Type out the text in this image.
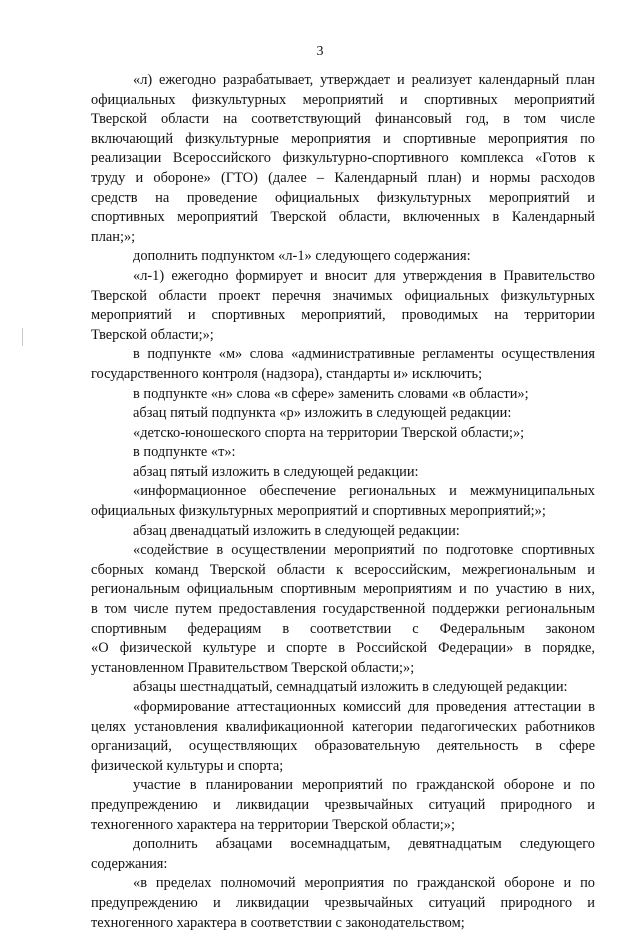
3

«л) ежегодно разрабатывает, утверждает и реализует календарный план

официальных физкультурных мероприятий и спортивных мероприятий

Тверской области на соответствующий финансовый год, в том числе

включающий физкультурные мероприятия и спортивные мероприятия по

реализации Всероссийского физкультурно-спортивного комплекса «Готов к

труду и обороне» (ГТО) (далее – Календарный план) и нормы расходов

средств на проведение официальных физкультурных мероприятий и

спортивных мероприятий Тверской области, включенных в Календарный

план;»;

дополнить подпунктом «л-1» следующего содержания:

«л-1) ежегодно формирует и вносит для утверждения в Правительство

Тверской области проект перечня значимых официальных физкультурных

мероприятий и спортивных мероприятий, проводимых на территории

Тверской области;»;

в подпункте «м» слова «административные регламенты осуществления

государственного контроля (надзора), стандарты и» исключить;

в подпункте «н» слова «в сфере» заменить словами «в области»;

абзац пятый подпункта «р» изложить в следующей редакции:

«детско-юношеского спорта на территории Тверской области;»;

в подпункте «т»:

абзац пятый изложить в следующей редакции:

«информационное обеспечение региональных и межмуниципальных

официальных физкультурных мероприятий и спортивных мероприятий;»;

абзац двенадцатый изложить в следующей редакции:

«содействие в осуществлении мероприятий по подготовке спортивных

сборных команд Тверской области к всероссийским, межрегиональным и

региональным официальным спортивным мероприятиям и по участию в них,

в том числе путем предоставления государственной поддержки региональным

спортивным федерациям в соответствии с Федеральным законом

«О физической культуре и спорте в Российской Федерации» в порядке,

установленном Правительством Тверской области;»;

абзацы шестнадцатый, семнадцатый изложить в следующей редакции:

«формирование аттестационных комиссий для проведения аттестации в

целях установления квалификационной категории педагогических работников

организаций, осуществляющих образовательную деятельность в сфере

физической культуры и спорта;

участие в планировании мероприятий по гражданской обороне и по

предупреждению и ликвидации чрезвычайных ситуаций природного и

техногенного характера на территории Тверской области;»;

дополнить абзацами восемнадцатым, девятнадцатым следующего

содержания:

«в пределах полномочий мероприятия по гражданской обороне и по

предупреждению и ликвидации чрезвычайных ситуаций природного и

техногенного характера в соответствии с законодательством;
